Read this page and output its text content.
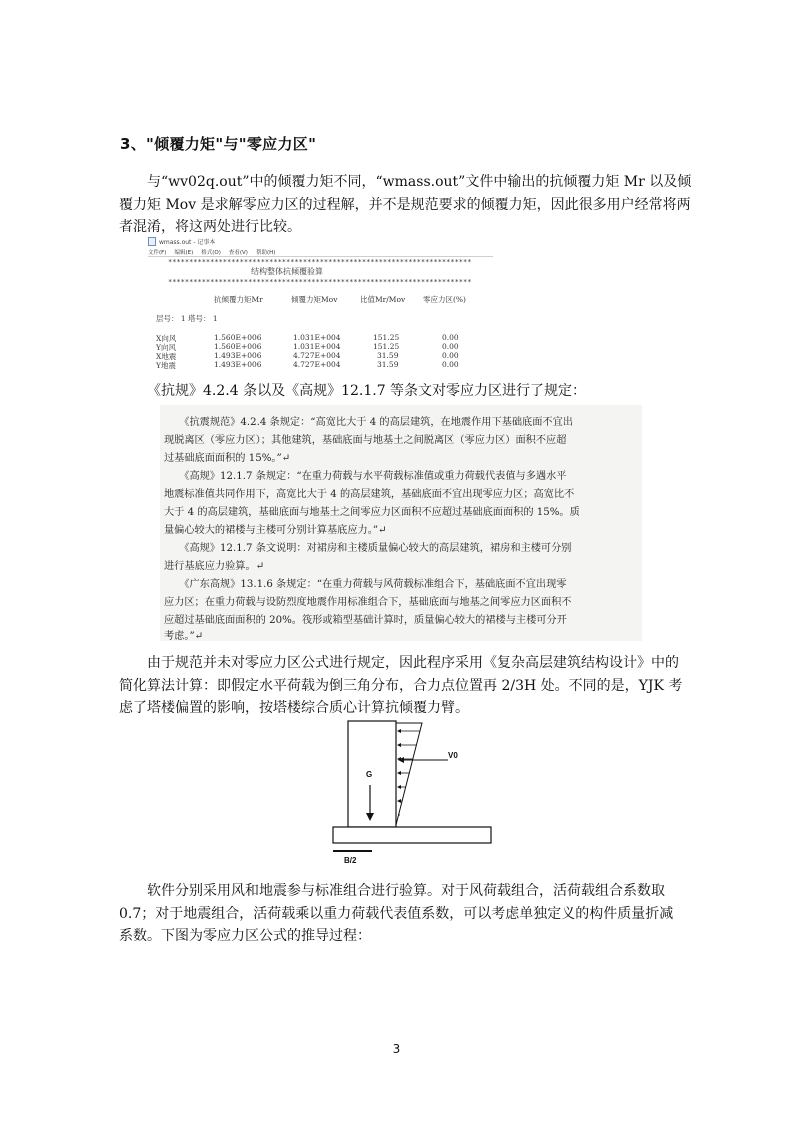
3、"倾覆力矩"与"零应力区"
与“wv02q.out”中的倾覆力矩不同，“wmass.out”文件中输出的抗倾覆力矩 Mr 以及倾
覆力矩 Mov 是求解零应力区的过程解，并不是规范要求的倾覆力矩，因此很多用户经常将两
者混淆，将这两处进行比较。
wmass.out - 记事本
文件(F) 编辑(E) 格式(O) 查看(V) 帮助(H)
************************************************************************
结构整体抗倾覆验算
************************************************************************
抗倾覆力矩Mr	倾覆力矩Mov	比值Mr/Mov 零应力区(%)
层号： 1 塔号： 1
X向风	1.560E+006	1.031E+004	151.25	0.00
Y向风	1.560E+006	1.031E+004	151.25	0.00
X地震	1.493E+006	4.727E+004	31.59	0.00
Y地震	1.493E+006	4.727E+004	31.59	0.00
《抗规》4.2.4 条以及《高规》12.1.7 等条文对零应力区进行了规定：
　　《抗震规范》4.2.4 条规定：“高宽比大于 4 的高层建筑，在地震作用下基础底面不宜出
现脱离区（零应力区）；其他建筑，基础底面与地基土之间脱离区（零应力区）面积不应超
过基础底面面积的 15%。”↵
　　《高规》12.1.7 条规定：“在重力荷载与水平荷载标准值或重力荷载代表值与多遇水平
地震标准值共同作用下，高宽比大于 4 的高层建筑，基础底面不宜出现零应力区；高宽比不
大于 4 的高层建筑，基础底面与地基土之间零应力区面积不应超过基础底面面积的 15%。质
量偏心较大的裙楼与主楼可分别计算基底应力。”↵
　　《高规》12.1.7 条文说明：对裙房和主楼质量偏心较大的高层建筑，裙房和主楼可分别
进行基底应力验算。↵
　　《广东高规》13.1.6 条规定：“在重力荷载与风荷载标准组合下，基础底面不宜出现零
应力区；在重力荷载与设防烈度地震作用标准组合下，基础底面与地基之间零应力区面积不
应超过基础底面面积的 20%。筏形或箱型基础计算时，质量偏心较大的裙楼与主楼可分开
考虑。”↵
由于规范并未对零应力区公式进行规定，因此程序采用《复杂高层建筑结构设计》中的
简化算法计算：即假定水平荷载为倒三角分布，合力点位置再 2/3H 处。不同的是，YJK 考
虑了塔楼偏置的影响，按塔楼综合质心计算抗倾覆力臂。
V0
G
B/2
软件分别采用风和地震参与标准组合进行验算。对于风荷载组合，活荷载组合系数取
0.7；对于地震组合，活荷载乘以重力荷载代表值系数，可以考虑单独定义的构件质量折减
系数。下图为零应力区公式的推导过程：
3
